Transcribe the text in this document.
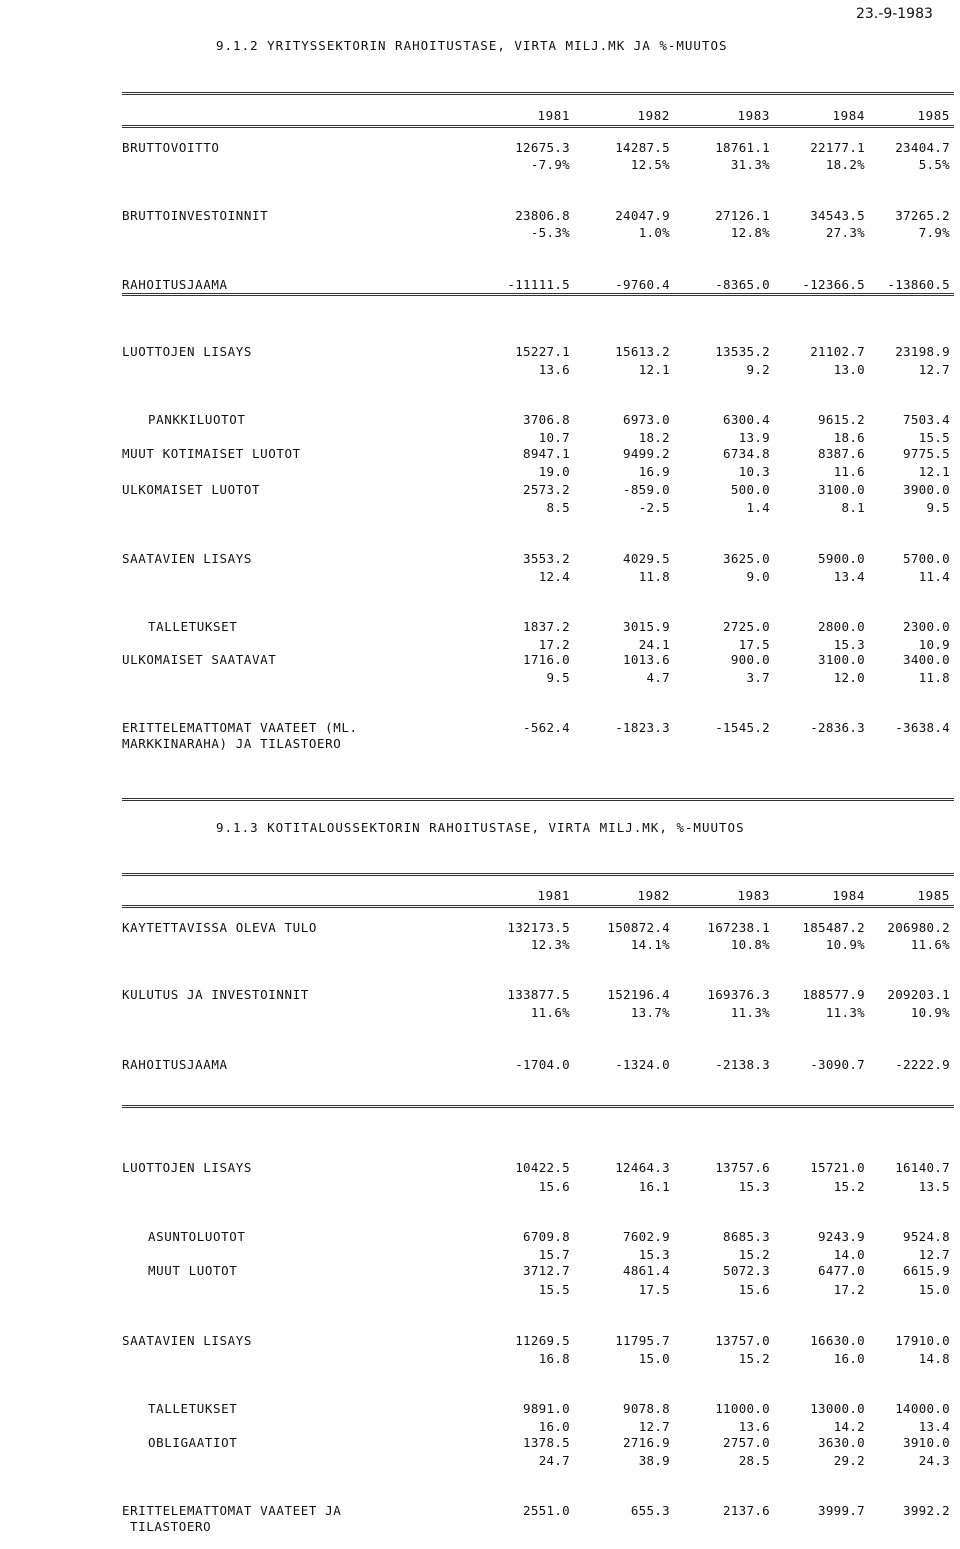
23.-9-1983
9.1.2 YRITYSSEKTORIN RAHOITUSTASE, VIRTA MILJ.MK JA %-MUUTOS
1981	1982	1983	1984	1985
BRUTTOVOITTO	12675.3	14287.5	18761.1	22177.1	23404.7
-7.9%	12.5%	31.3%	18.2%	5.5%
BRUTTOINVESTOINNIT	23806.8	24047.9	27126.1	34543.5	37265.2
-5.3%	1.0%	12.8%	27.3%	7.9%
RAHOITUSJAAMA	-11111.5	-9760.4	-8365.0	-12366.5	-13860.5
LUOTTOJEN LISAYS	15227.1	15613.2	13535.2	21102.7	23198.9
13.6	12.1	9.2	13.0	12.7
PANKKILUOTOT	3706.8	6973.0	6300.4	9615.2	7503.4
10.7	18.2	13.9	18.6	15.5
MUUT KOTIMAISET LUOTOT	8947.1	9499.2	6734.8	8387.6	9775.5
19.0	16.9	10.3	11.6	12.1
ULKOMAISET LUOTOT	2573.2	-859.0	500.0	3100.0	3900.0
8.5	-2.5	1.4	8.1	9.5
SAATAVIEN LISAYS	3553.2	4029.5	3625.0	5900.0	5700.0
12.4	11.8	9.0	13.4	11.4
TALLETUKSET	1837.2	3015.9	2725.0	2800.0	2300.0
17.2	24.1	17.5	15.3	10.9
ULKOMAISET SAATAVAT	1716.0	1013.6	900.0	3100.0	3400.0
9.5	4.7	3.7	12.0	11.8
ERITTELEMATTOMAT VAATEET (ML.	-562.4	-1823.3	-1545.2	-2836.3	-3638.4
MARKKINARAHA) JA TILASTOERO
9.1.3 KOTITALOUSSEKTORIN RAHOITUSTASE, VIRTA MILJ.MK, %-MUUTOS
1981	1982	1983	1984	1985
KAYTETTAVISSA OLEVA TULO	132173.5	150872.4	167238.1	185487.2	206980.2
12.3%	14.1%	10.8%	10.9%	11.6%
KULUTUS JA INVESTOINNIT	133877.5	152196.4	169376.3	188577.9	209203.1
11.6%	13.7%	11.3%	11.3%	10.9%
RAHOITUSJAAMA	-1704.0	-1324.0	-2138.3	-3090.7	-2222.9
LUOTTOJEN LISAYS	10422.5	12464.3	13757.6	15721.0	16140.7
15.6	16.1	15.3	15.2	13.5
ASUNTOLUOTOT	6709.8	7602.9	8685.3	9243.9	9524.8
15.7	15.3	15.2	14.0	12.7
MUUT LUOTOT	3712.7	4861.4	5072.3	6477.0	6615.9
15.5	17.5	15.6	17.2	15.0
SAATAVIEN LISAYS	11269.5	11795.7	13757.0	16630.0	17910.0
16.8	15.0	15.2	16.0	14.8
TALLETUKSET	9891.0	9078.8	11000.0	13000.0	14000.0
16.0	12.7	13.6	14.2	13.4
OBLIGAATIOT	1378.5	2716.9	2757.0	3630.0	3910.0
24.7	38.9	28.5	29.2	24.3
ERITTELEMATTOMAT VAATEET JA	2551.0	655.3	2137.6	3999.7	3992.2
TILASTOERO
